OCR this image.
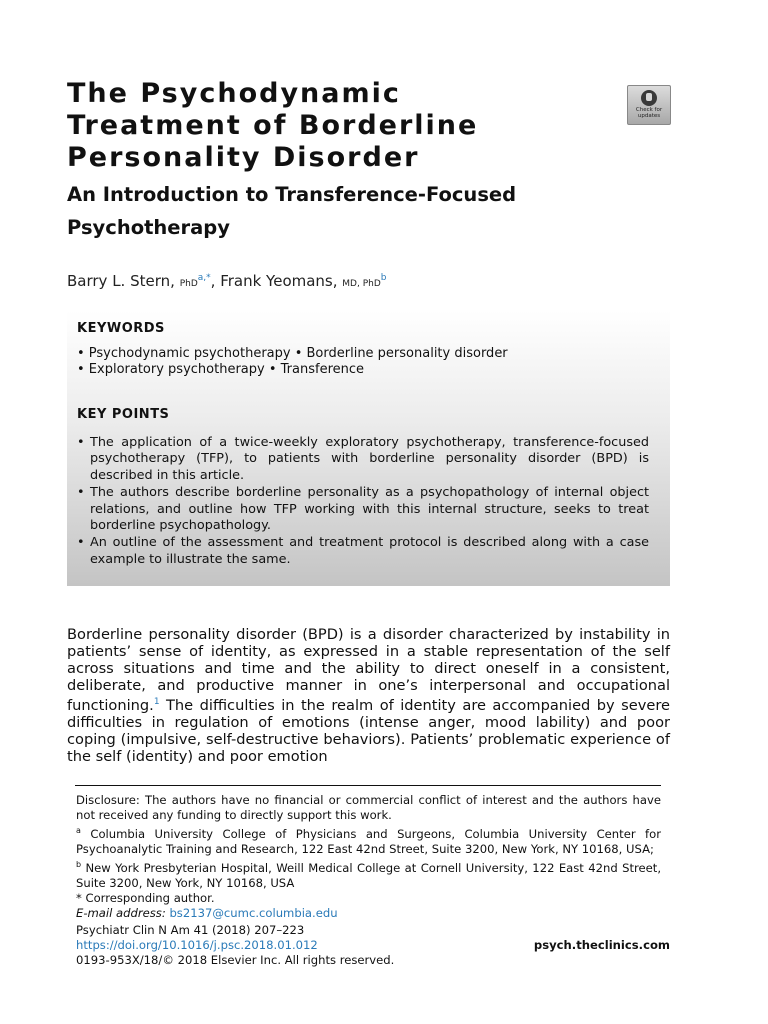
The Psychodynamic
Treatment of Borderline
Personality Disorder
Check for
updates
An Introduction to Transference-Focused
Psychotherapy
Barry L. Stern, PhD$^{a,*}$, Frank Yeomans, MD, PhD$^b$
KEYWORDS
• Psychodynamic psychotherapy • Borderline personality disorder
• Exploratory psychotherapy • Transference
KEY POINTS
• The application of a twice-weekly exploratory psychotherapy, transference-focused psychotherapy (TFP), to patients with borderline personality disorder (BPD) is described in this article.
• The authors describe borderline personality as a psychopathology of internal object relations, and outline how TFP working with this internal structure, seeks to treat borderline psychopathology.
• An outline of the assessment and treatment protocol is described along with a case example to illustrate the same.

Borderline personality disorder (BPD) is a disorder characterized by instability in patients’ sense of identity, as expressed in a stable representation of the self across situations and time and the ability to direct oneself in a consistent, deliberate, and productive manner in one’s interpersonal and occupational functioning.$^1$ The difficulties in the realm of identity are accompanied by severe difficulties in regulation of emotions (intense anger, mood lability) and poor coping (impulsive, self-destructive behaviors). Patients’ problematic experience of the self (identity) and poor emotion

Disclosure: The authors have no financial or commercial conflict of interest and the authors have not received any funding to directly support this work.

$^a$ Columbia University College of Physicians and Surgeons, Columbia University Center for Psychoanalytic Training and Research, 122 East 42nd Street, Suite 3200, New York, NY 10168, USA;

$^b$ New York Presbyterian Hospital, Weill Medical College at Cornell University, 122 East 42nd Street, Suite 3200, New York, NY 10168, USA

* Corresponding author.

E-mail address: bs2137@cumc.columbia.edu

Psychiatr Clin N Am 41 (2018) 207–223

https://doi.org/10.1016/j.psc.2018.01.012

0193-953X/18/© 2018 Elsevier Inc. All rights reserved.

psych.theclinics.com
